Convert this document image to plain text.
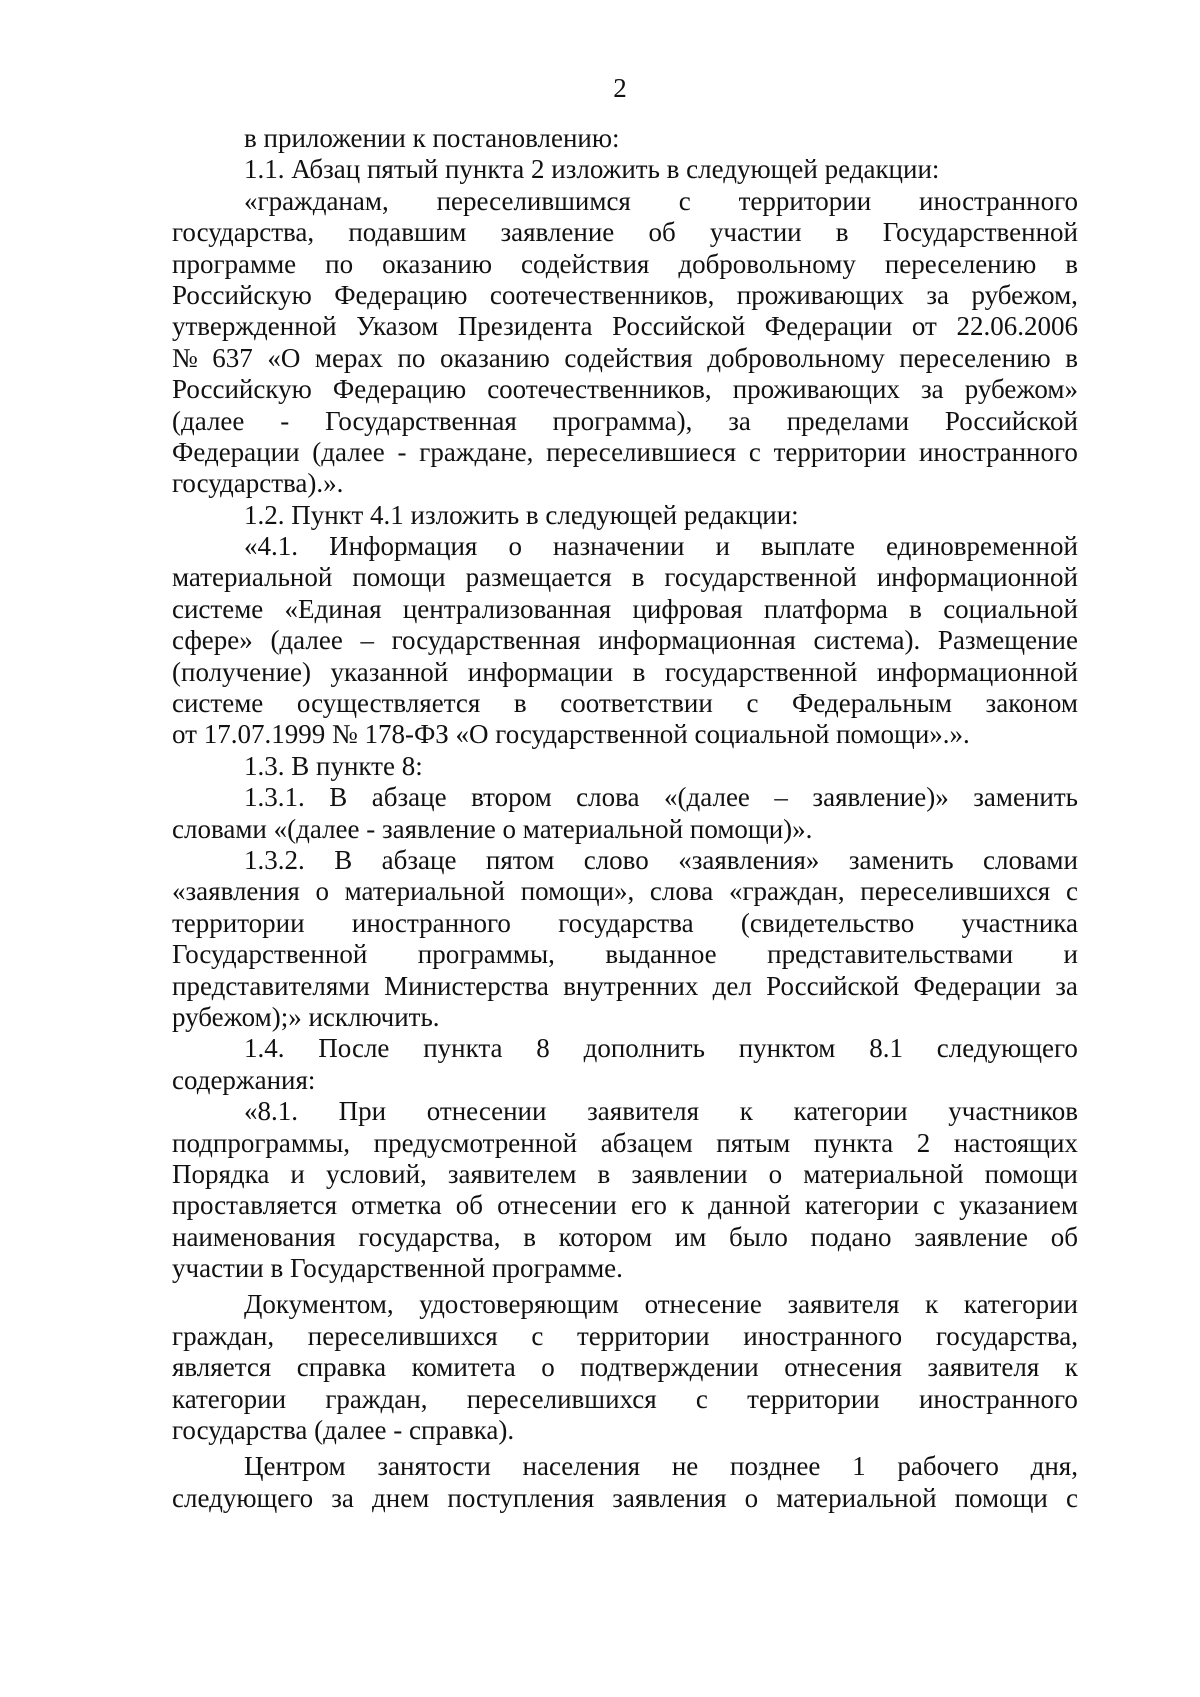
2
в приложении к постановлению:
1.1. Абзац пятый пункта 2 изложить в следующей редакции:
«гражданам, переселившимся с территории иностранного
государства, подавшим заявление об участии в Государственной
программе по оказанию содействия добровольному переселению в
Российскую Федерацию соотечественников, проживающих за рубежом,
утвержденной Указом Президента Российской Федерации от 22.06.2006
№ 637 «О мерах по оказанию содействия добровольному переселению в
Российскую Федерацию соотечественников, проживающих за рубежом»
(далее - Государственная программа), за пределами Российской
Федерации (далее - граждане, переселившиеся с территории иностранного
государства).».
1.2. Пункт 4.1 изложить в следующей редакции:
«4.1. Информация о назначении и выплате единовременной
материальной помощи размещается в государственной информационной
системе «Единая централизованная цифровая платформа в социальной
сфере» (далее – государственная информационная система). Размещение
(получение) указанной информации в государственной информационной
системе осуществляется в соответствии с Федеральным законом
от 17.07.1999 № 178-ФЗ «О государственной социальной помощи».».
1.3. В пункте 8:
1.3.1. В абзаце втором слова «(далее – заявление)» заменить
словами «(далее - заявление о материальной помощи)».
1.3.2. В абзаце пятом слово «заявления» заменить словами
«заявления о материальной помощи», слова «граждан, переселившихся с
территории иностранного государства (свидетельство участника
Государственной программы, выданное представительствами и
представителями Министерства внутренних дел Российской Федерации за
рубежом);» исключить.
1.4. После пункта 8 дополнить пунктом 8.1 следующего
содержания:
«8.1. При отнесении заявителя к категории участников
подпрограммы, предусмотренной абзацем пятым пункта 2 настоящих
Порядка и условий, заявителем в заявлении о материальной помощи
проставляется отметка об отнесении его к данной категории с указанием
наименования государства, в котором им было подано заявление об
участии в Государственной программе.
Документом, удостоверяющим отнесение заявителя к категории
граждан, переселившихся с территории иностранного государства,
является справка комитета о подтверждении отнесения заявителя к
категории граждан, переселившихся с территории иностранного
государства (далее - справка).
Центром занятости населения не позднее 1 рабочего дня,
следующего за днем поступления заявления о материальной помощи с
